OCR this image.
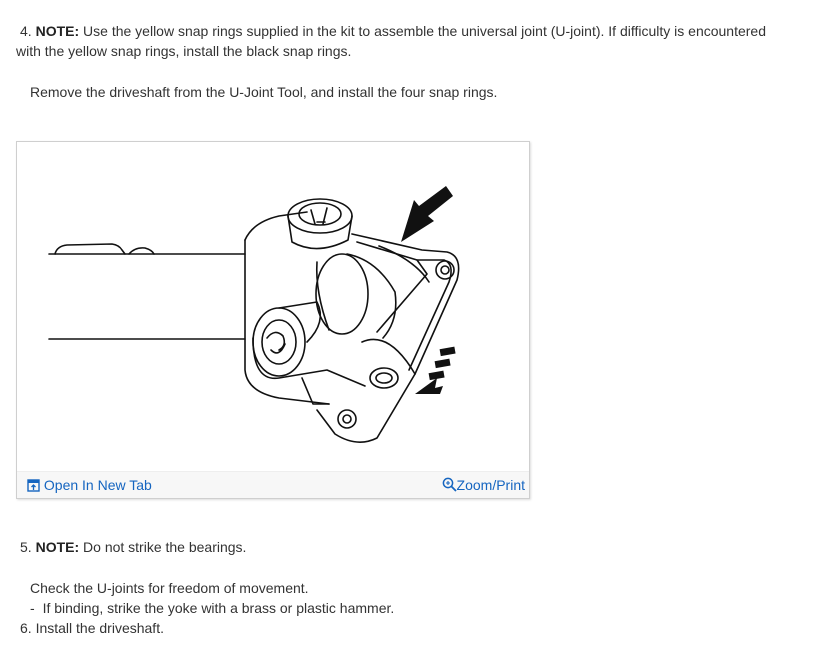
4. NOTE: Use the yellow snap rings supplied in the kit to assemble the universal joint (U-joint). If difficulty is encountered

with the yellow snap rings, install the black snap rings.

Remove the driveshaft from the U-Joint Tool, and install the four snap rings.

Open In New Tab	Zoom/Print

5. NOTE: Do not strike the bearings.

Check the U-joints for freedom of movement.

- If binding, strike the yoke with a brass or plastic hammer.

6. Install the driveshaft.
